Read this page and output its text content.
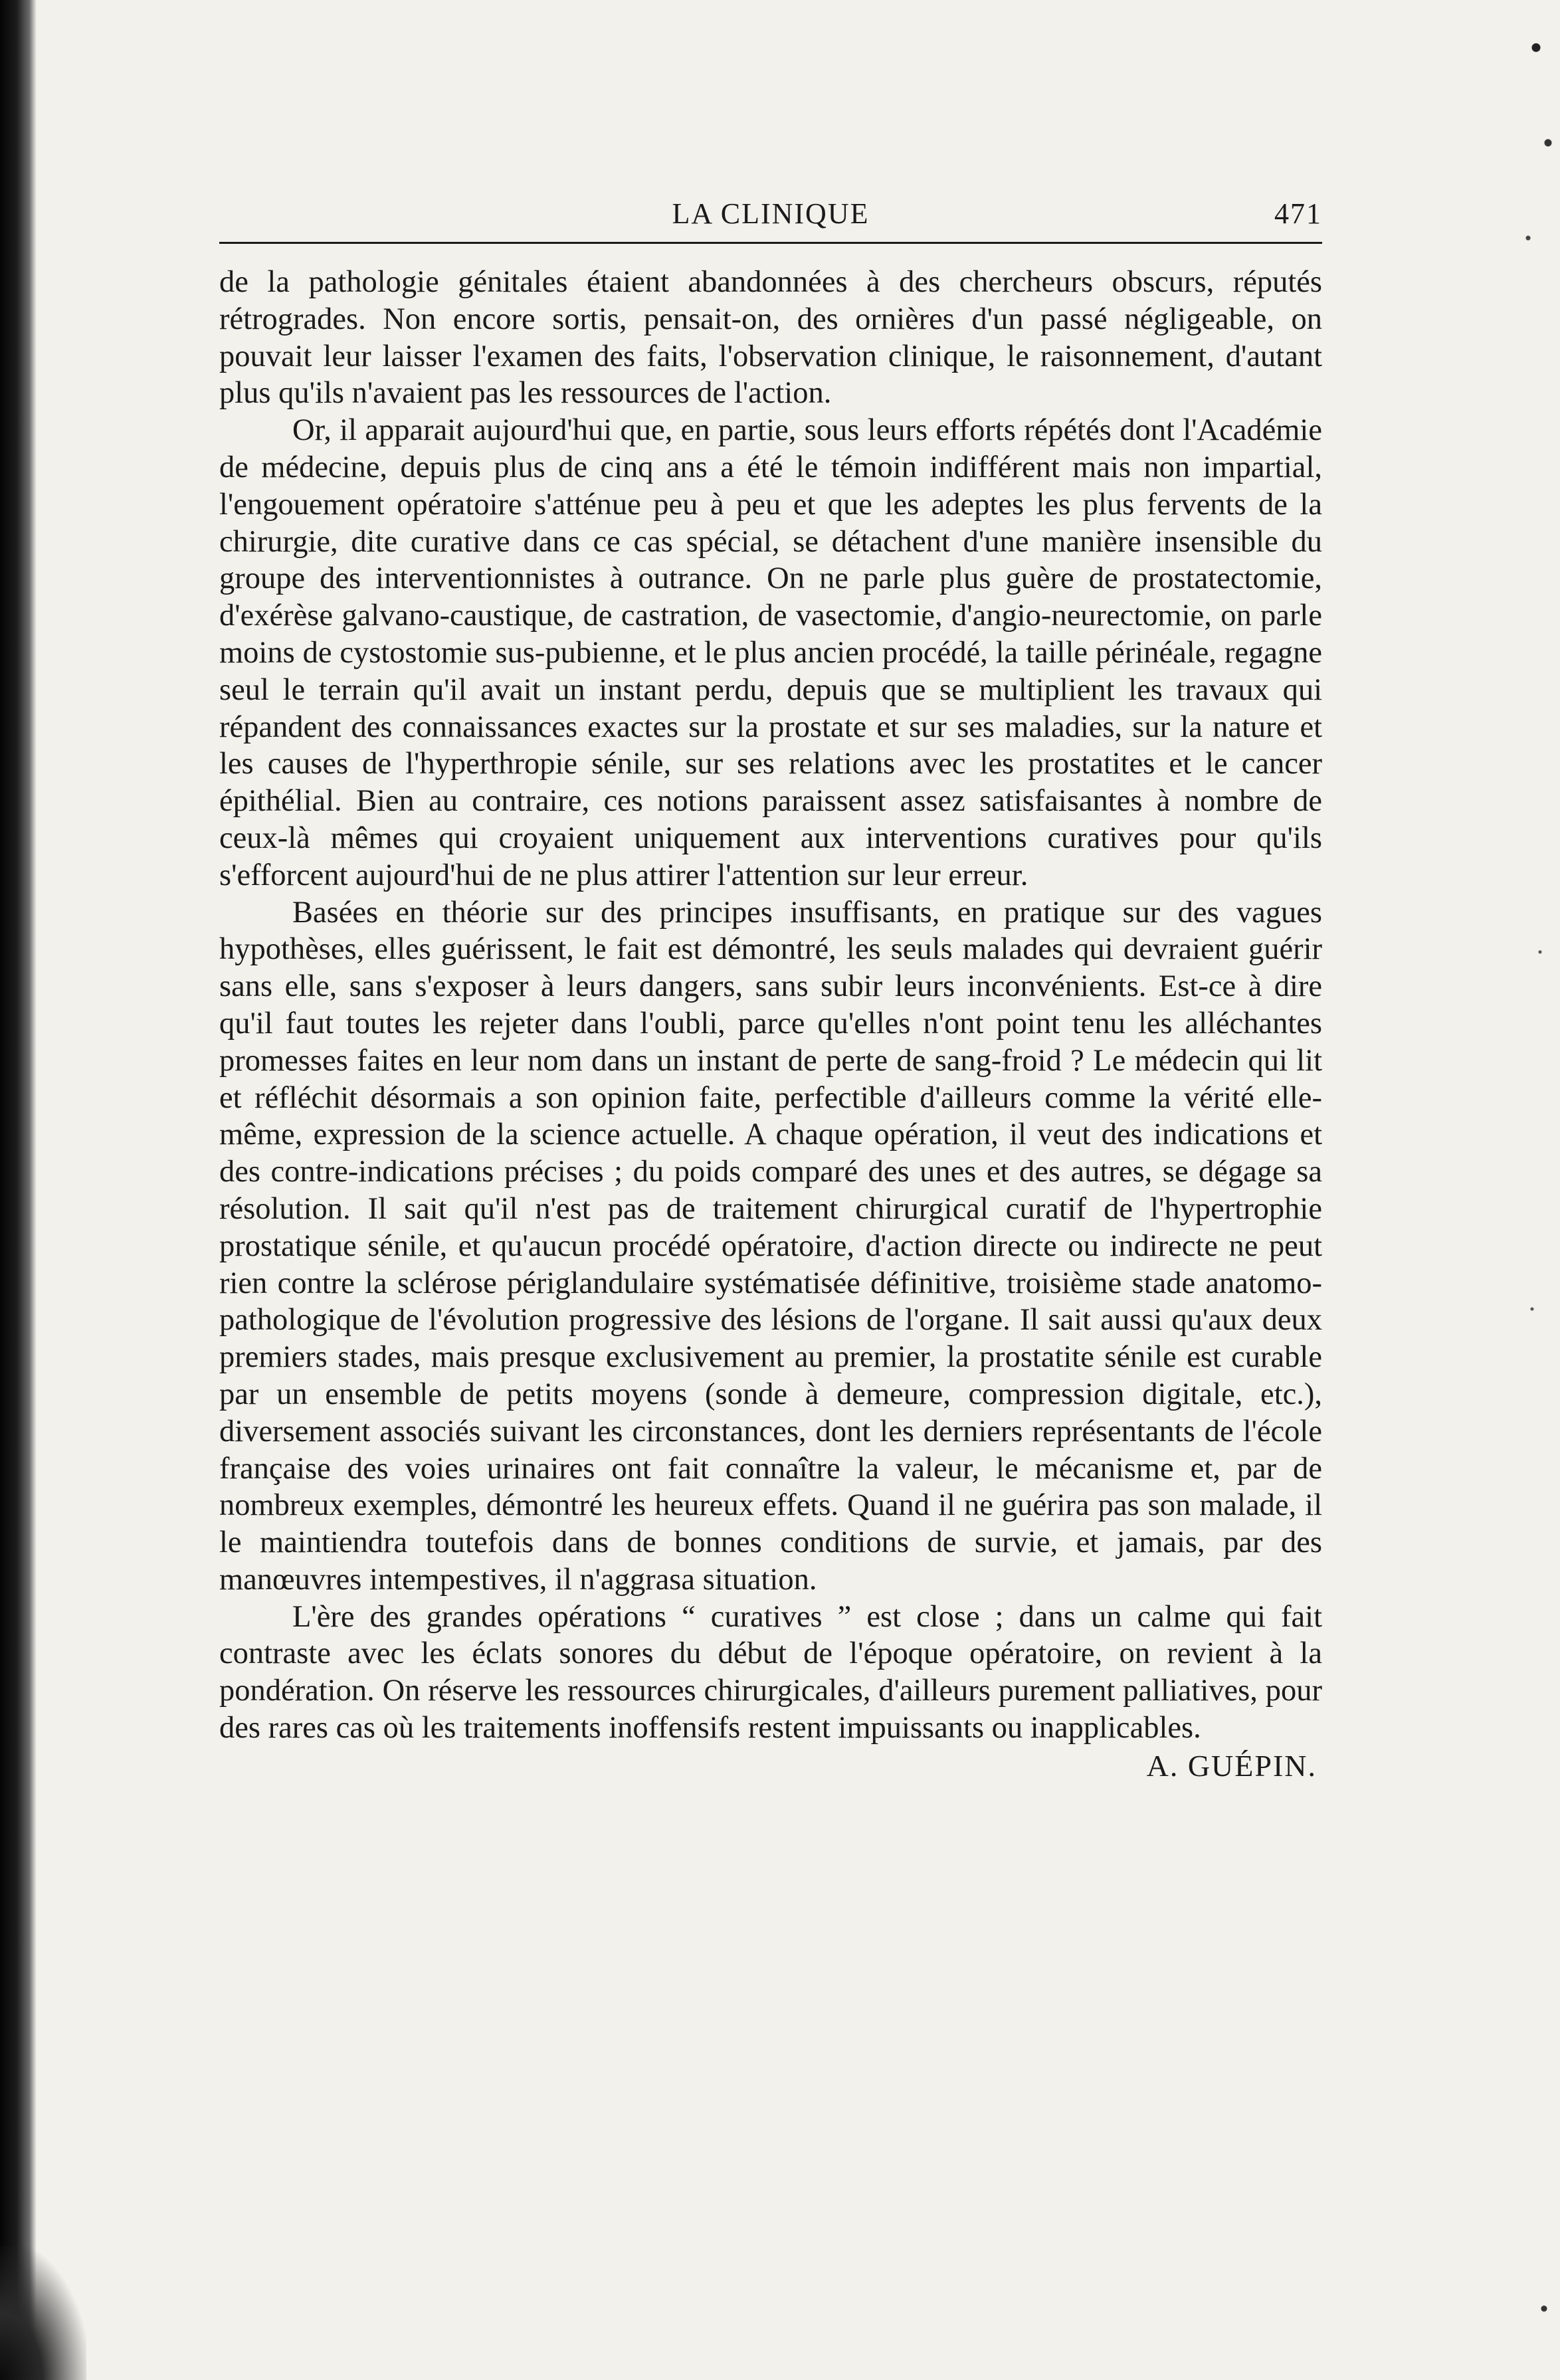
LA CLINIQUE	471

de la pathologie génitales étaient abandonnées à des chercheurs obscurs, réputés rétrogrades. Non encore sortis, pensait-on, des ornières d'un passé négligeable, on pouvait leur laisser l'examen des faits, l'observation clinique, le raisonnement, d'autant plus qu'ils n'avaient pas les ressources de l'action.

Or, il apparait aujourd'hui que, en partie, sous leurs efforts répétés dont l'Académie de médecine, depuis plus de cinq ans a été le témoin indifférent mais non impartial, l'engouement opératoire s'atténue peu à peu et que les adeptes les plus fervents de la chirurgie, dite curative dans ce cas spécial, se détachent d'une manière insensible du groupe des interventionnistes à outrance. On ne parle plus guère de prostatectomie, d'exérèse galvano-caustique, de castration, de vasectomie, d'angio-neurectomie, on parle moins de cystostomie sus-pubienne, et le plus ancien procédé, la taille périnéale, regagne seul le terrain qu'il avait un instant perdu, depuis que se multiplient les travaux qui répandent des connaissances exactes sur la prostate et sur ses maladies, sur la nature et les causes de l'hyperthropie sénile, sur ses relations avec les prostatites et le cancer épithélial. Bien au contraire, ces notions paraissent assez satisfaisantes à nombre de ceux-là mêmes qui croyaient uniquement aux interventions curatives pour qu'ils s'efforcent aujourd'hui de ne plus attirer l'attention sur leur erreur.

Basées en théorie sur des principes insuffisants, en pratique sur des vagues hypothèses, elles guérissent, le fait est démontré, les seuls malades qui devraient guérir sans elle, sans s'exposer à leurs dangers, sans subir leurs inconvénients. Est-ce à dire qu'il faut toutes les rejeter dans l'oubli, parce qu'elles n'ont point tenu les alléchantes promesses faites en leur nom dans un instant de perte de sang-froid ? Le médecin qui lit et réfléchit désormais a son opinion faite, perfectible d'ailleurs comme la vérité elle-même, expression de la science actuelle. A chaque opération, il veut des indications et des contre-indications précises ; du poids comparé des unes et des autres, se dégage sa résolution. Il sait qu'il n'est pas de traitement chirurgical curatif de l'hypertrophie prostatique sénile, et qu'aucun procédé opératoire, d'action directe ou indirecte ne peut rien contre la sclérose périglandulaire systématisée définitive, troisième stade anatomo-pathologique de l'évolution progressive des lésions de l'organe. Il sait aussi qu'aux deux premiers stades, mais presque exclusivement au premier, la prostatite sénile est curable par un ensemble de petits moyens (sonde à demeure, compression digitale, etc.), diversement associés suivant les circonstances, dont les derniers représentants de l'école française des voies urinaires ont fait connaître la valeur, le mécanisme et, par de nombreux exemples, démontré les heureux effets. Quand il ne guérira pas son malade, il le maintiendra toutefois dans de bonnes conditions de survie, et jamais, par des manœuvres intempestives, il n'aggrasa situation.

L'ère des grandes opérations “ curatives ” est close ; dans un calme qui fait contraste avec les éclats sonores du début de l'époque opératoire, on revient à la pondération. On réserve les ressources chirurgicales, d'ailleurs purement palliatives, pour des rares cas où les traitements inoffensifs restent impuissants ou inapplicables.

A. GUÉPIN.
